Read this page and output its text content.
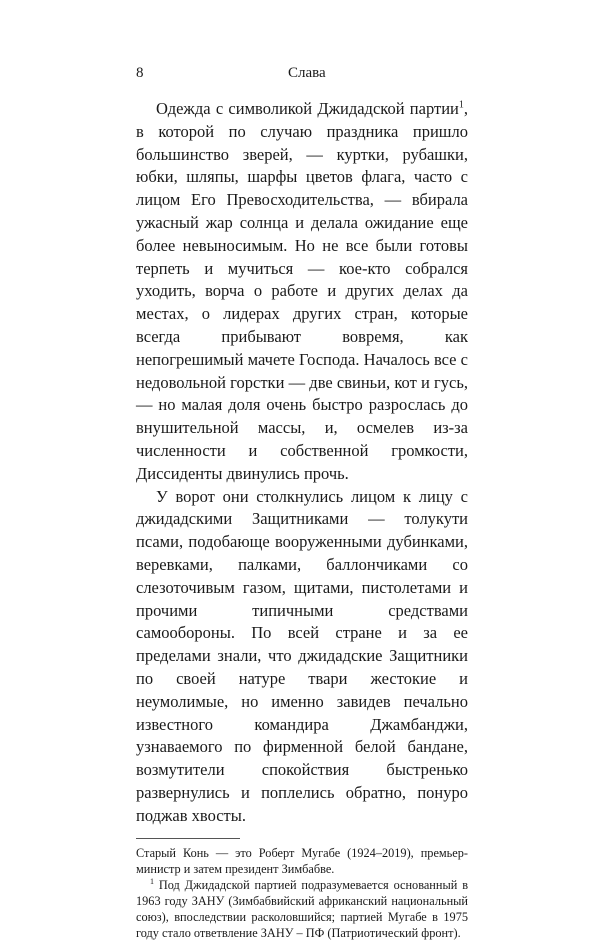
8	Слава

Одежда с символикой Джидадской партии$^1$, в которой по случаю праздника пришло большинство зверей, — куртки, рубашки, юбки, шляпы, шарфы цветов флага, часто с лицом Его Превосходительства, — вбирала ужасный жар солнца и делала ожидание еще более невыносимым. Но не все были готовы терпеть и мучиться — кое-кто собрался уходить, ворча о работе и других делах да местах, о лидерах других стран, которые всегда прибывают вовремя, как непогрешимый мачете Господа. Началось все с недовольной горстки — две свиньи, кот и гусь, — но малая доля очень быстро разрослась до внушительной массы, и, осмелев из-за численности и собственной громкости, Диссиденты двинулись прочь.

У ворот они столкнулись лицом к лицу с джидадскими Защитниками — толукути псами, подобающе вооруженными дубинками, веревками, палками, баллончиками со слезоточивым газом, щитами, пистолетами и прочими типичными средствами самообороны. По всей стране и за ее пределами знали, что джидадские Защитники по своей натуре твари жестокие и неумолимые, но именно завидев печально известного командира Джамбанджи, узнаваемого по фирменной белой бандане, возмутители спокойствия быстренько развернулись и поплелись обратно, понуро поджав хвосты.

Старый Конь — это Роберт Мугабе (1924–2019), премьер-министр и затем президент Зимбабве.

$^1$ Под Джидадской партией подразумевается основанный в 1963 году ЗАНУ (Зимбабвийский африканский национальный союз), впоследствии расколовшийся; партией Мугабе в 1975 году стало ответвление ЗАНУ – ПФ (Патриотический фронт).
